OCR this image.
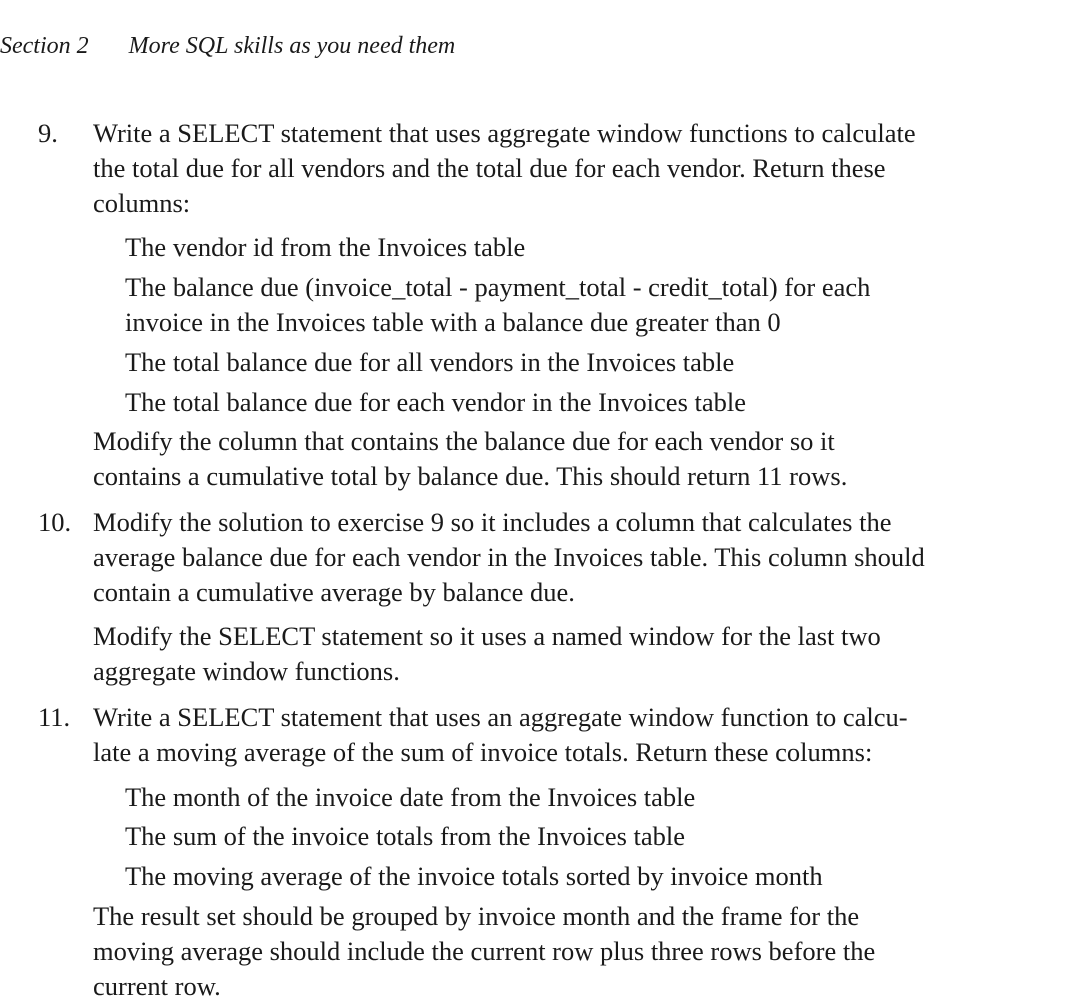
Section 2 More SQL skills as you need them
9. Write a SELECT statement that uses aggregate window functions to calculate
the total due for all vendors and the total due for each vendor. Return these
columns:
The vendor id from the Invoices table
The balance due (invoice_total - payment_total - credit_total) for each
invoice in the Invoices table with a balance due greater than 0
The total balance due for all vendors in the Invoices table
The total balance due for each vendor in the Invoices table
Modify the column that contains the balance due for each vendor so it
contains a cumulative total by balance due. This should return 11 rows.
10. Modify the solution to exercise 9 so it includes a column that calculates the
average balance due for each vendor in the Invoices table. This column should
contain a cumulative average by balance due.
Modify the SELECT statement so it uses a named window for the last two
aggregate window functions.
11. Write a SELECT statement that uses an aggregate window function to calcu-
late a moving average of the sum of invoice totals. Return these columns:
The month of the invoice date from the Invoices table
The sum of the invoice totals from the Invoices table
The moving average of the invoice totals sorted by invoice month
The result set should be grouped by invoice month and the frame for the
moving average should include the current row plus three rows before the
current row.
